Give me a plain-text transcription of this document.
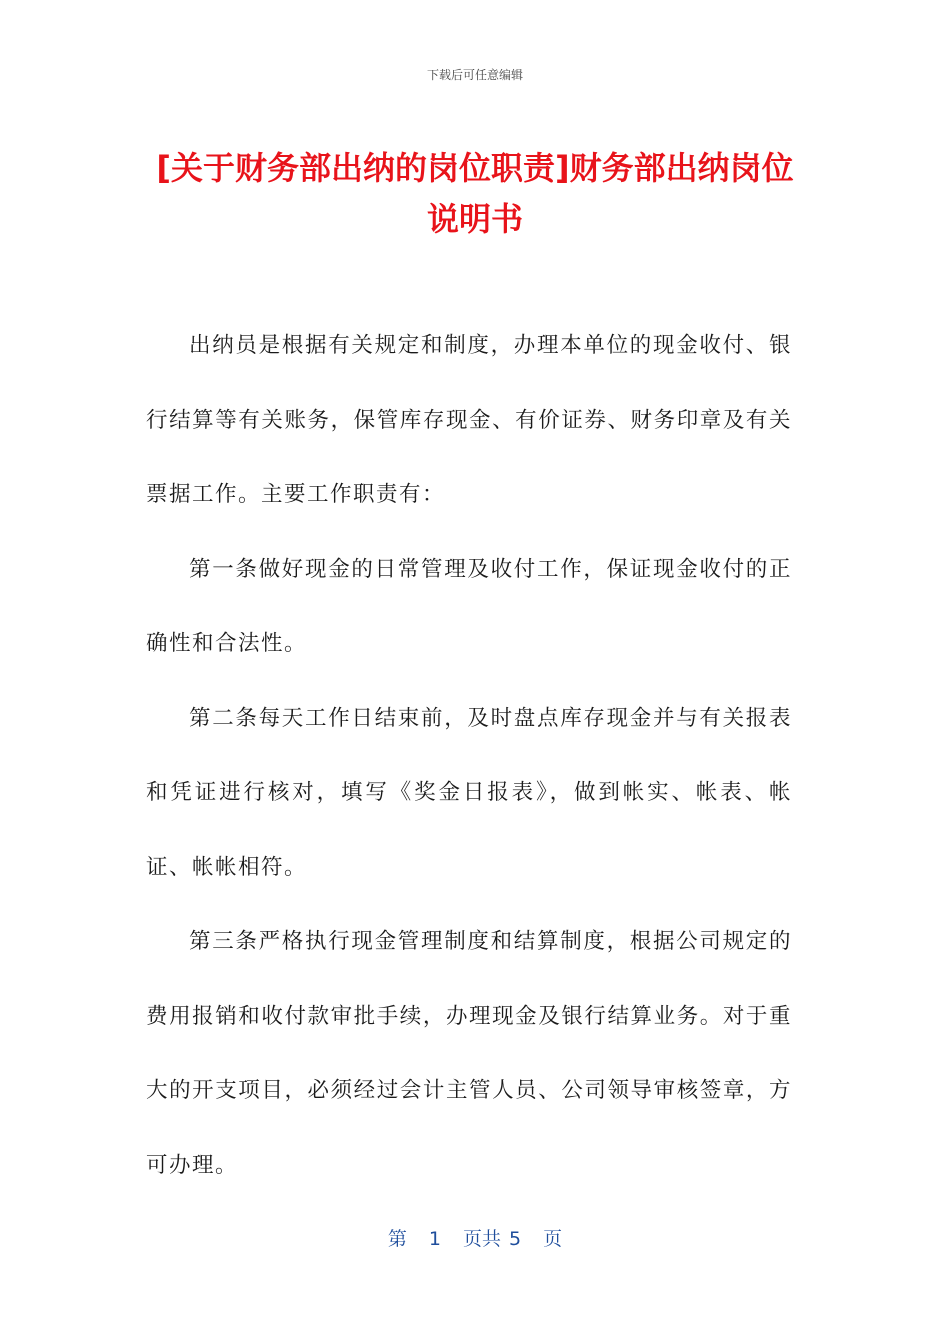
下载后可任意编辑
[关于财务部出纳的岗位职责]财务部出纳岗位说明书

出纳员是根据有关规定和制度，办理本单位的现金收付、银行结算等有关账务，保管库存现金、有价证券、财务印章及有关票据工作。主要工作职责有：

第一条做好现金的日常管理及收付工作，保证现金收付的正确性和合法性。

第二条每天工作日结束前，及时盘点库存现金并与有关报表和凭证进行核对，填写《奖金日报表》，做到帐实、帐表、帐证、帐帐相符。

第三条严格执行现金管理制度和结算制度，根据公司规定的费用报销和收付款审批手续，办理现金及银行结算业务。对于重大的开支项目，必须经过会计主管人员、公司领导审核签章，方可办理。

第 1 页共 5 页
